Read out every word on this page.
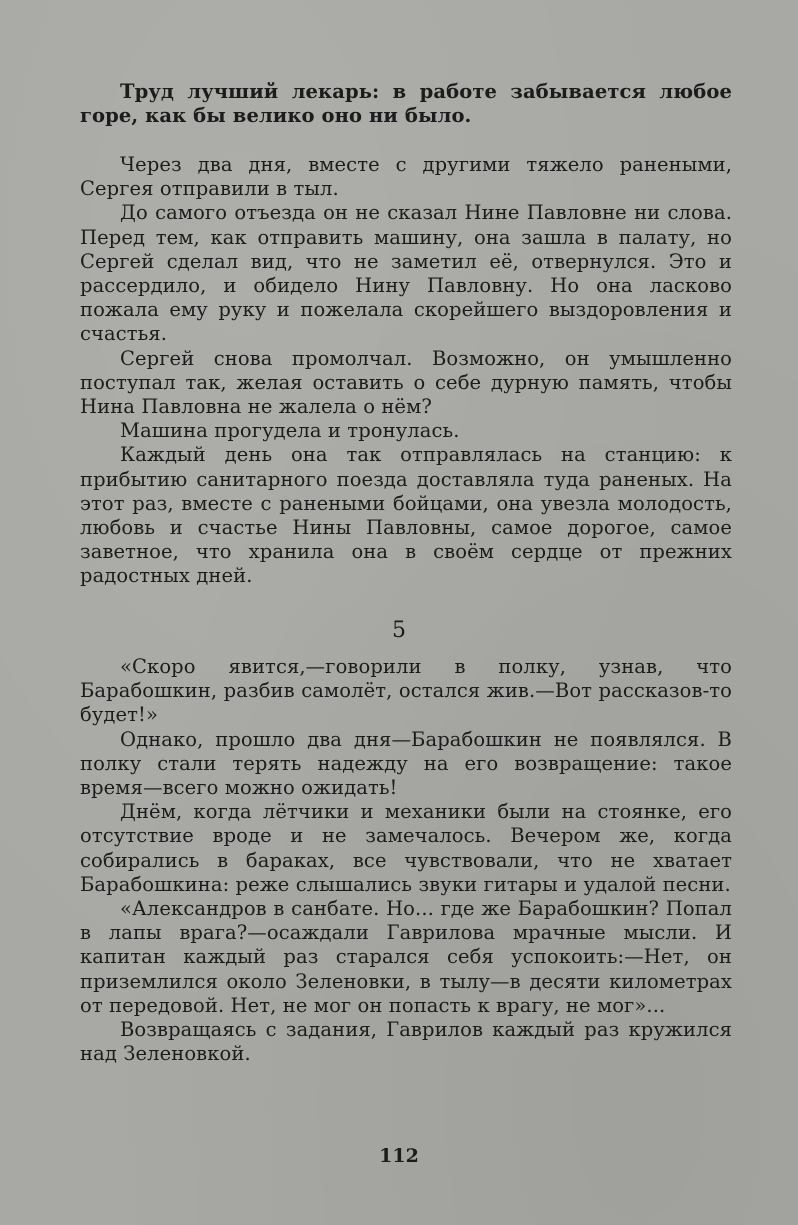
Труд лучший лекарь: в работе забывается любое горе, как бы велико оно ни было.

Через два дня, вместе с другими тяжело ранеными, Сергея отправили в тыл.

До самого отъезда он не сказал Нине Павловне ни слова. Перед тем, как отправить машину, она зашла в палату, но Сергей сделал вид, что не заметил её, отвернулся. Это и рассердило, и обидело Нину Павловну. Но она ласково пожала ему руку и пожелала скорейшего выздоровления и счастья.

Сергей снова промолчал. Возможно, он умышленно поступал так, желая оставить о себе дурную память, чтобы Нина Павловна не жалела о нём?

Машина прогудела и тронулась.

Каждый день она так отправлялась на станцию: к прибытию санитарного поезда доставляла туда раненых. На этот раз, вместе с ранеными бойцами, она увезла молодость, любовь и счастье Нины Павловны, самое дорогое, самое заветное, что хранила она в своём сердце от прежних радостных дней.

5

«Скоро явится,—говорили в полку, узнав, что Барабошкин, разбив самолёт, остался жив.—Вот рассказов-то будет!»

Однако, прошло два дня—Барабошкин не появлялся. В полку стали терять надежду на его возвращение: такое время—всего можно ожидать!

Днём, когда лётчики и механики были на стоянке, его отсутствие вроде и не замечалось. Вечером же, когда собирались в бараках, все чувствовали, что не хватает Барабошкина: реже слышались звуки гитары и удалой песни.

«Александров в санбате. Но... где же Барабошкин? Попал в лапы врага?—осаждали Гаврилова мрачные мысли. И капитан каждый раз старался себя успокоить:—Нет, он приземлился около Зеленовки, в тылу—в десяти километрах от передовой. Нет, не мог он попасть к врагу, не мог»...

Возвращаясь с задания, Гаврилов каждый раз кружился над Зеленовкой.

112
